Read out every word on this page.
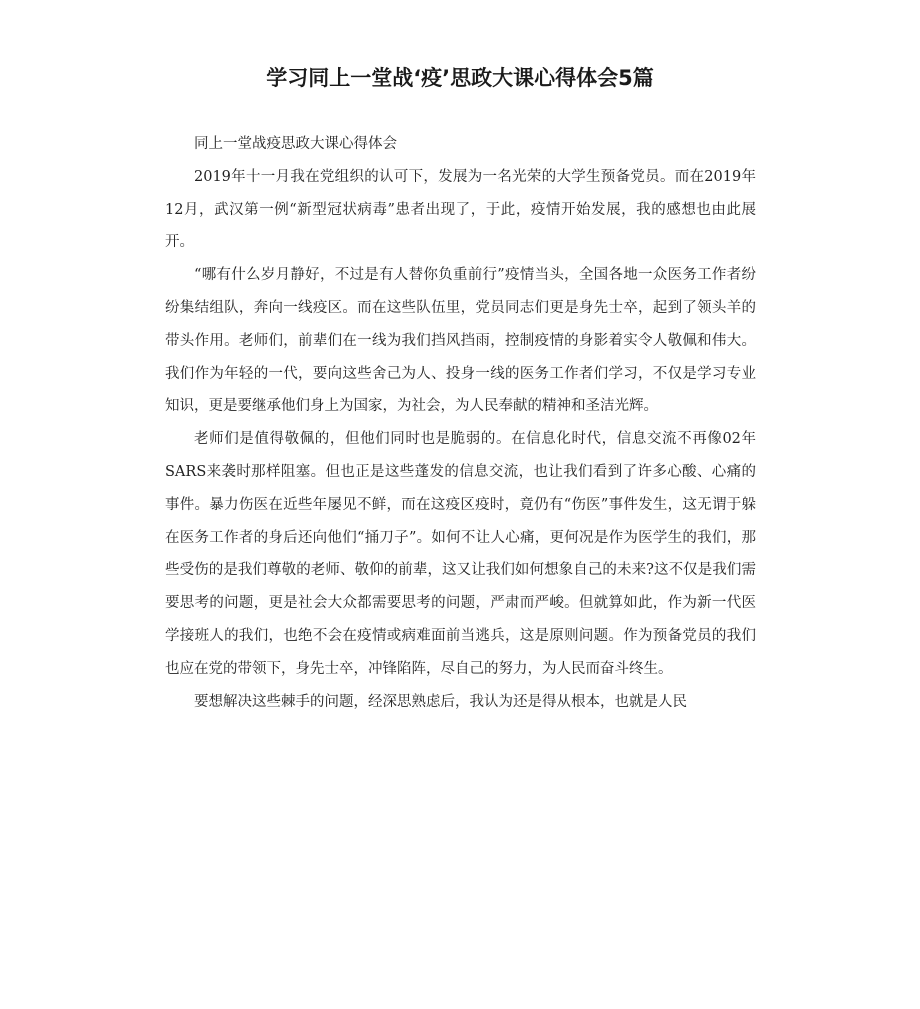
学习同上一堂战‘疫’思政大课心得体会5篇

同上一堂战疫思政大课心得体会

2019年十一月我在党组织的认可下，发展为一名光荣的大学生预备党员。而在2019年12月，武汉第一例“新型冠状病毒”患者出现了，于此，疫情开始发展，我的感想也由此展开。

“哪有什么岁月静好，不过是有人替你负重前行”疫情当头，全国各地一众医务工作者纷纷集结组队，奔向一线疫区。而在这些队伍里，党员同志们更是身先士卒，起到了领头羊的带头作用。老师们，前辈们在一线为我们挡风挡雨，控制疫情的身影着实令人敬佩和伟大。我们作为年轻的一代，要向这些舍己为人、投身一线的医务工作者们学习，不仅是学习专业知识，更是要继承他们身上为国家，为社会，为人民奉献的精神和圣洁光辉。

老师们是值得敬佩的，但他们同时也是脆弱的。在信息化时代，信息交流不再像02年SARS来袭时那样阻塞。但也正是这些蓬发的信息交流，也让我们看到了许多心酸、心痛的事件。暴力伤医在近些年屡见不鲜，而在这疫区疫时，竟仍有“伤医”事件发生，这无谓于躲在医务工作者的身后还向他们“捅刀子”。如何不让人心痛，更何况是作为医学生的我们，那些受伤的是我们尊敬的老师、敬仰的前辈，这又让我们如何想象自己的未来?这不仅是我们需要思考的问题，更是社会大众都需要思考的问题，严肃而严峻。但就算如此，作为新一代医学接班人的我们，也绝不会在疫情或病难面前当逃兵，这是原则问题。作为预备党员的我们也应在党的带领下，身先士卒，冲锋陷阵，尽自己的努力，为人民而奋斗终生。

要想解决这些棘手的问题，经深思熟虑后，我认为还是得从根本，也就是人民
